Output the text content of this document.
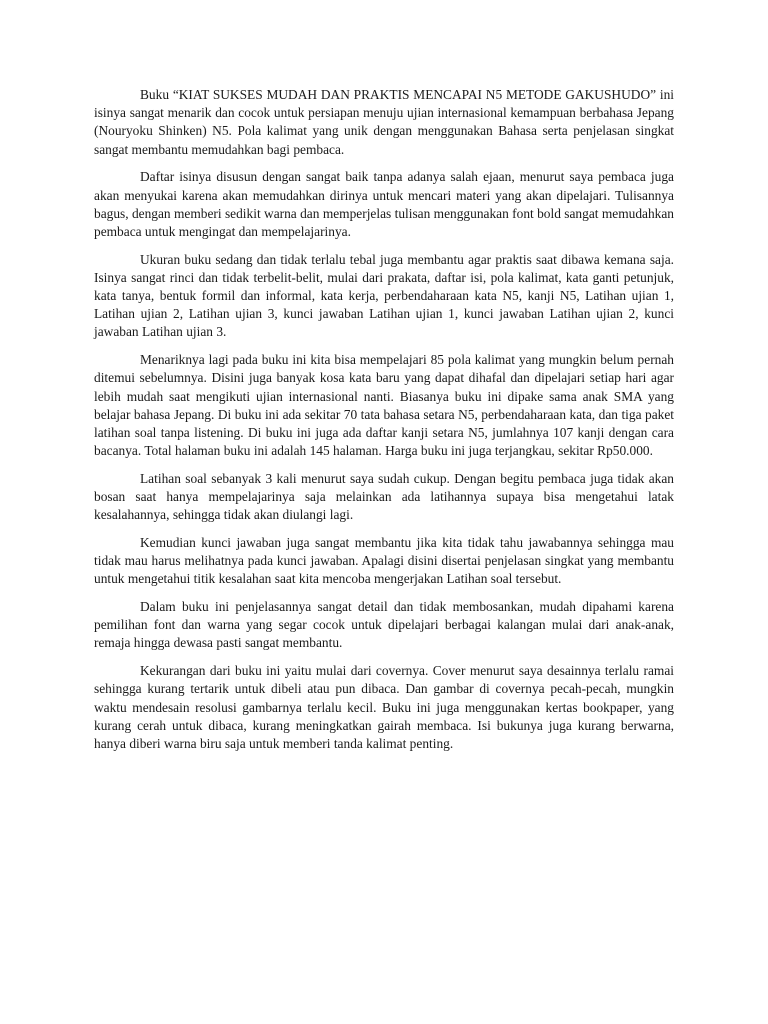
Buku “KIAT SUKSES MUDAH DAN PRAKTIS MENCAPAI N5 METODE GAKUSHUDO” ini isinya sangat menarik dan cocok untuk persiapan menuju ujian internasional kemampuan berbahasa Jepang (Nouryoku Shinken) N5. Pola kalimat yang unik dengan menggunakan Bahasa serta penjelasan singkat sangat membantu memudahkan bagi pembaca.

Daftar isinya disusun dengan sangat baik tanpa adanya salah ejaan, menurut saya pembaca juga akan menyukai karena akan memudahkan dirinya untuk mencari materi yang akan dipelajari. Tulisannya bagus, dengan memberi sedikit warna dan memperjelas tulisan menggunakan font bold sangat memudahkan pembaca untuk mengingat dan mempelajarinya.

Ukuran buku sedang dan tidak terlalu tebal juga membantu agar praktis saat dibawa kemana saja. Isinya sangat rinci dan tidak terbelit-belit, mulai dari prakata, daftar isi, pola kalimat, kata ganti petunjuk, kata tanya, bentuk formil dan informal, kata kerja, perbendaharaan kata N5, kanji N5, Latihan ujian 1, Latihan ujian 2, Latihan ujian 3, kunci jawaban Latihan ujian 1, kunci jawaban Latihan ujian 2, kunci jawaban Latihan ujian 3.

Menariknya lagi pada buku ini kita bisa mempelajari 85 pola kalimat yang mungkin belum pernah ditemui sebelumnya. Disini juga banyak kosa kata baru yang dapat dihafal dan dipelajari setiap hari agar lebih mudah saat mengikuti ujian internasional nanti. Biasanya buku ini dipake sama anak SMA yang belajar bahasa Jepang. Di buku ini ada sekitar 70 tata bahasa setara N5, perbendaharaan kata, dan tiga paket latihan soal tanpa listening. Di buku ini juga ada daftar kanji setara N5, jumlahnya 107 kanji dengan cara bacanya. Total halaman buku ini adalah 145 halaman. Harga buku ini juga terjangkau, sekitar Rp50.000.

Latihan soal sebanyak 3 kali menurut saya sudah cukup. Dengan begitu pembaca juga tidak akan bosan saat hanya mempelajarinya saja melainkan ada latihannya supaya bisa mengetahui latak kesalahannya, sehingga tidak akan diulangi lagi.

Kemudian kunci jawaban juga sangat membantu jika kita tidak tahu jawabannya sehingga mau tidak mau harus melihatnya pada kunci jawaban. Apalagi disini disertai penjelasan singkat yang membantu untuk mengetahui titik kesalahan saat kita mencoba mengerjakan Latihan soal tersebut.

Dalam buku ini penjelasannya sangat detail dan tidak membosankan, mudah dipahami karena pemilihan font dan warna yang segar cocok untuk dipelajari berbagai kalangan mulai dari anak-anak, remaja hingga dewasa pasti sangat membantu.

Kekurangan dari buku ini yaitu mulai dari covernya. Cover menurut saya desainnya terlalu ramai sehingga kurang tertarik untuk dibeli atau pun dibaca. Dan gambar di covernya pecah-pecah, mungkin waktu mendesain resolusi gambarnya terlalu kecil. Buku ini juga menggunakan kertas bookpaper, yang kurang cerah untuk dibaca, kurang meningkatkan gairah membaca. Isi bukunya juga kurang berwarna, hanya diberi warna biru saja untuk memberi tanda kalimat penting.
